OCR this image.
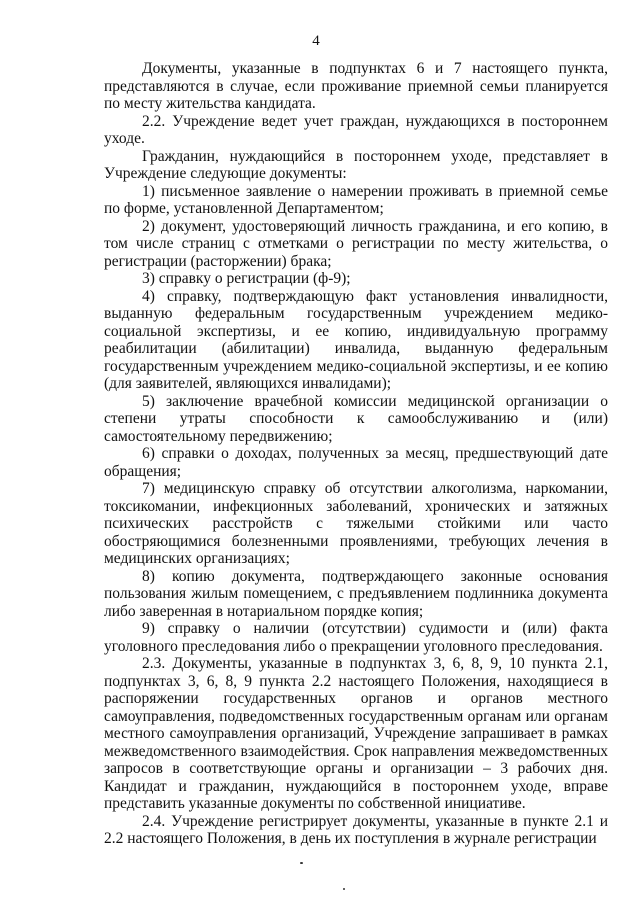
4

Документы, указанные в подпунктах 6 и 7 настоящего пункта, представляются в случае, если проживание приемной семьи планируется по месту жительства кандидата.

2.2. Учреждение ведет учет граждан, нуждающихся в постороннем уходе.

Гражданин, нуждающийся в постороннем уходе, представляет в Учреждение следующие документы:

1) письменное заявление о намерении проживать в приемной семье по форме, установленной Департаментом;

2) документ, удостоверяющий личность гражданина, и его копию, в том числе страниц с отметками о регистрации по месту жительства, о регистрации (расторжении) брака;

3) справку о регистрации (ф-9);

4) справку, подтверждающую факт установления инвалидности, выданную федеральным государственным учреждением медико-социальной экспертизы, и ее копию, индивидуальную программу реабилитации (абилитации) инвалида, выданную федеральным государственным учреждением медико-социальной экспертизы, и ее копию (для заявителей, являющихся инвалидами);

5) заключение врачебной комиссии медицинской организации о степени утраты способности к самообслуживанию и (или) самостоятельному передвижению;

6) справки о доходах, полученных за месяц, предшествующий дате обращения;

7) медицинскую справку об отсутствии алкоголизма, наркомании, токсикомании, инфекционных заболеваний, хронических и затяжных психических расстройств с тяжелыми стойкими или часто обостряющимися болезненными проявлениями, требующих лечения в медицинских организациях;

8) копию документа, подтверждающего законные основания пользования жилым помещением, с предъявлением подлинника документа либо заверенная в нотариальном порядке копия;

9) справку о наличии (отсутствии) судимости и (или) факта уголовного преследования либо о прекращении уголовного преследования.

2.3. Документы, указанные в подпунктах 3, 6, 8, 9, 10 пункта 2.1, подпунктах 3, 6, 8, 9 пункта 2.2 настоящего Положения, находящиеся в распоряжении государственных органов и органов местного самоуправления, подведомственных государственным органам или органам местного самоуправления организаций, Учреждение запрашивает в рамках межведомственного взаимодействия. Срок направления межведомственных запросов в соответствующие органы и организации – 3 рабочих дня. Кандидат и гражданин, нуждающийся в постороннем уходе, вправе представить указанные документы по собственной инициативе.

2.4. Учреждение регистрирует документы, указанные в пункте 2.1 и 2.2 настоящего Положения, в день их поступления в журнале регистрации
